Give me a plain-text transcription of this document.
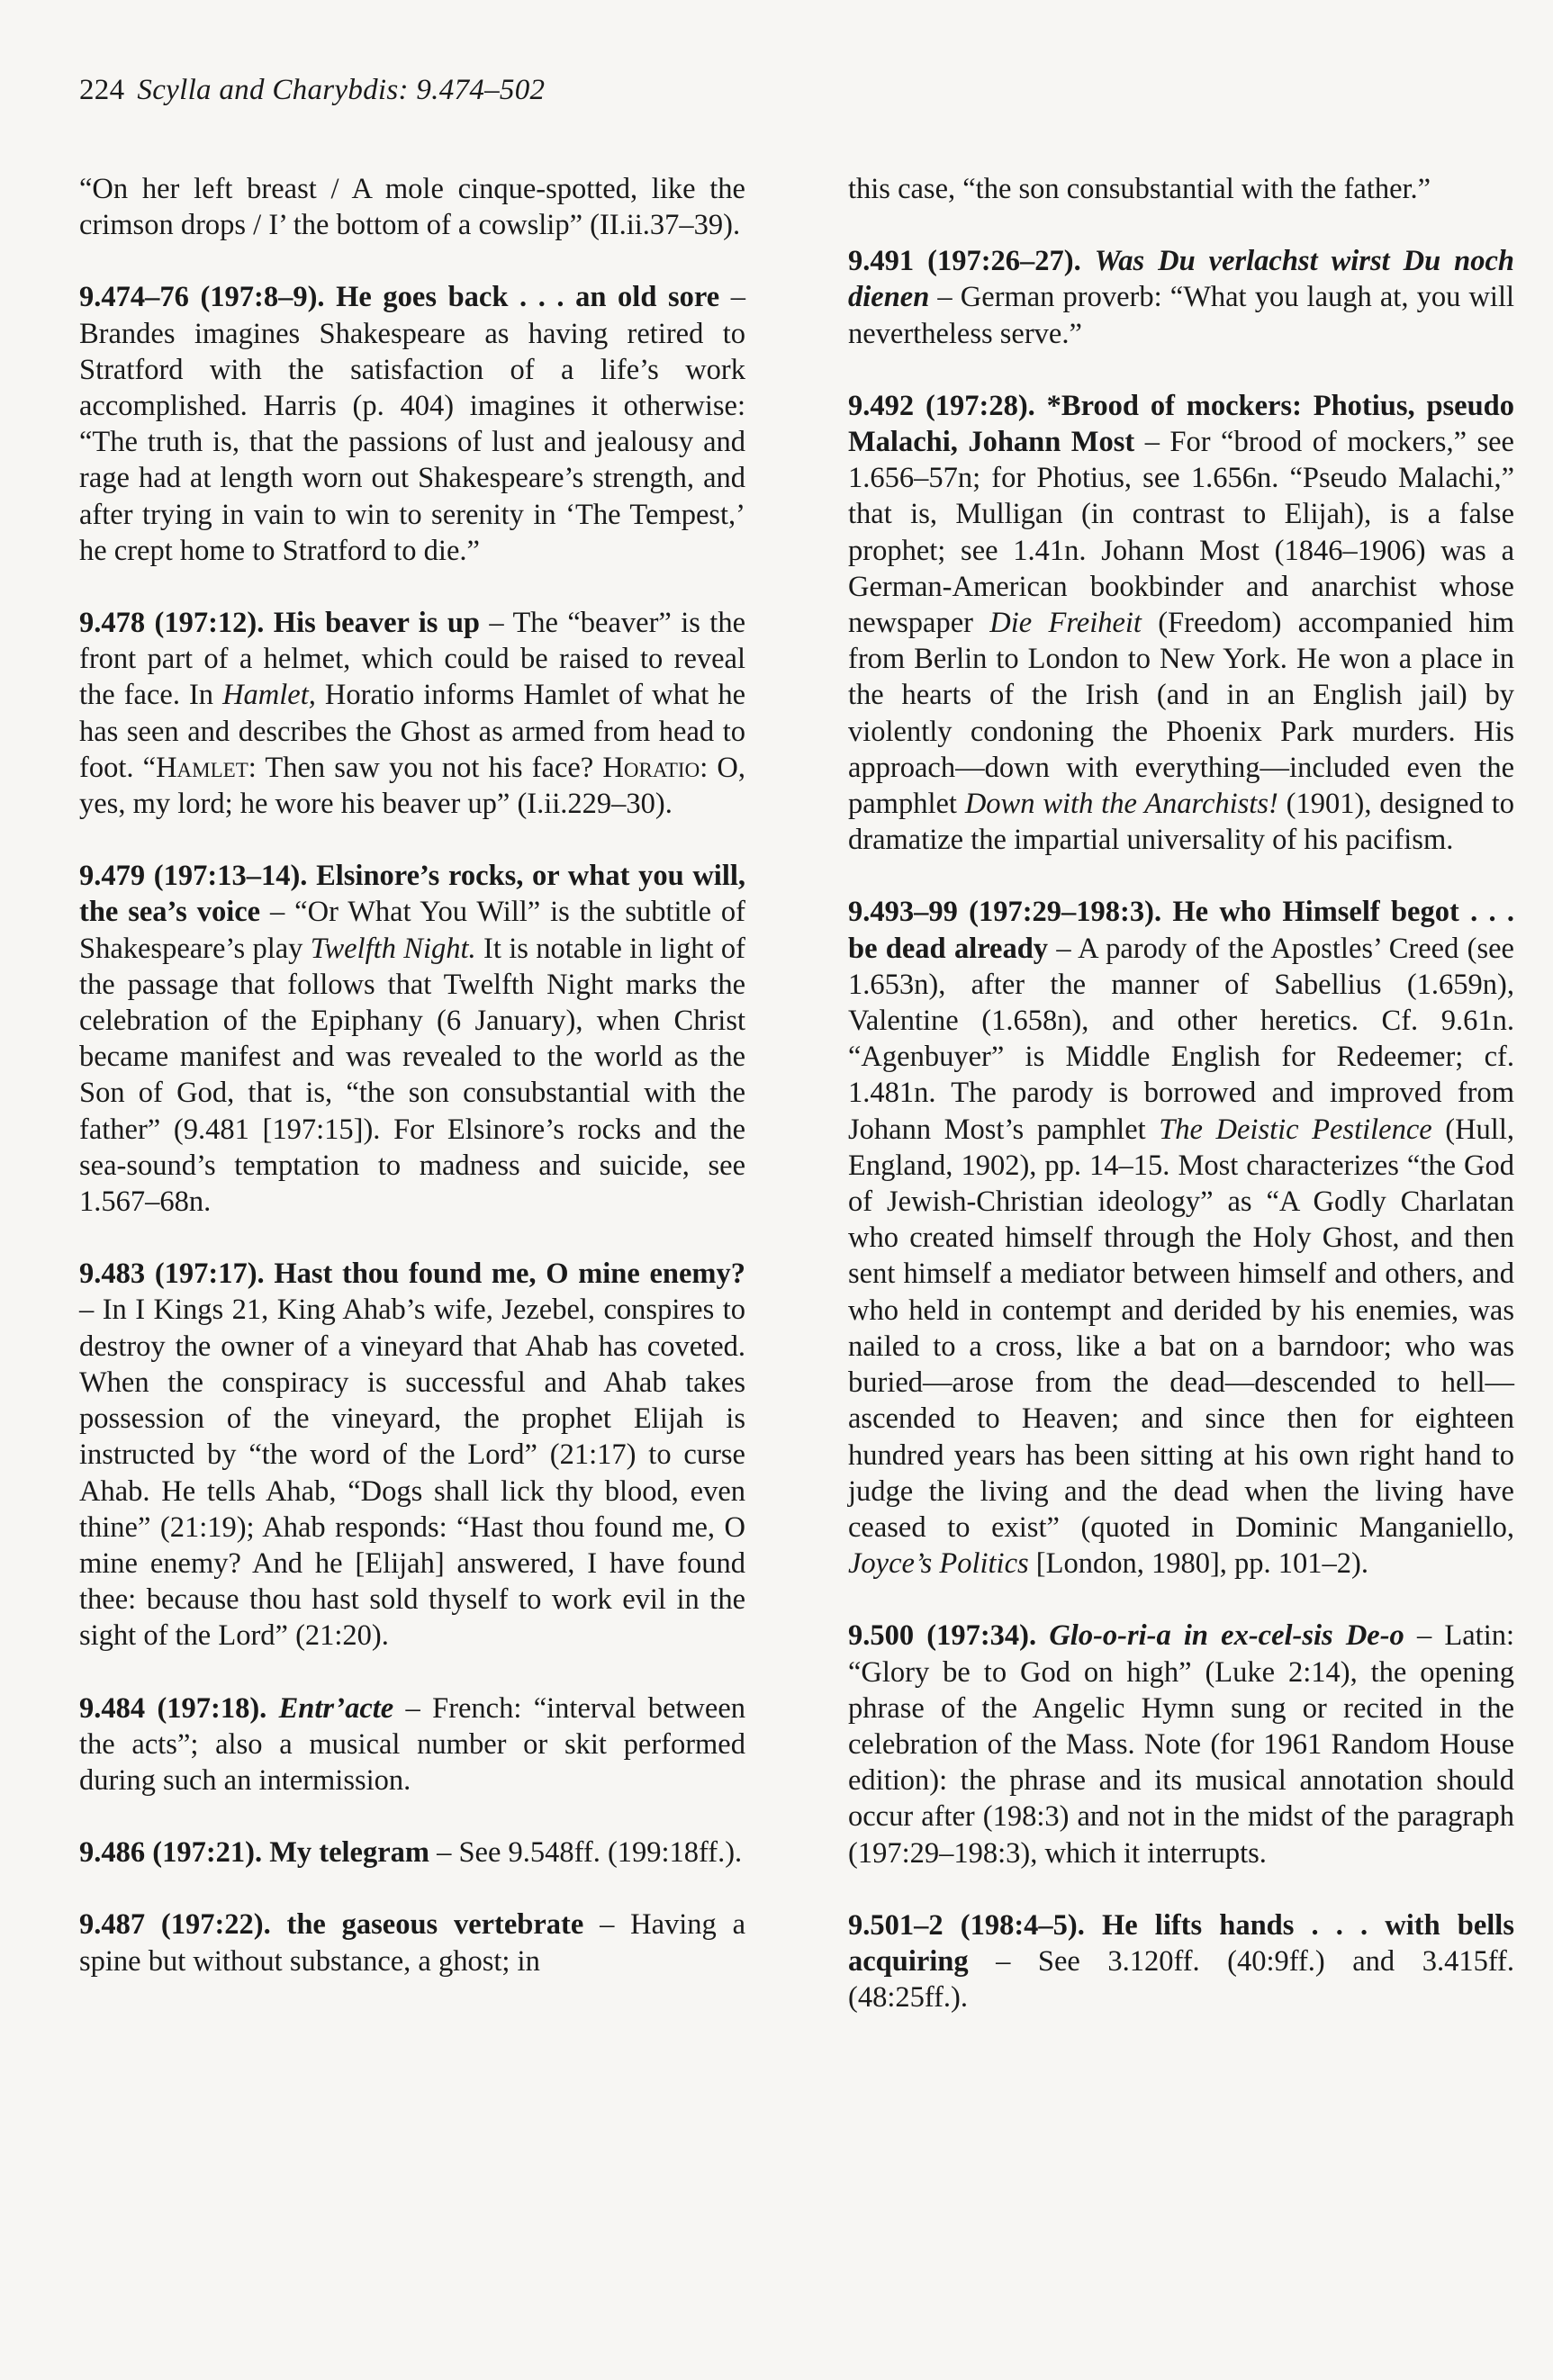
224 Scylla and Charybdis: 9.474–502

“On her left breast / A mole cinque-spotted, like the crimson drops / I’ the bottom of a cowslip” (II.ii.37–39).

9.474–76 (197:8–9). He goes back . . . an old sore – Brandes imagines Shakespeare as having retired to Stratford with the satisfaction of a life’s work accomplished. Harris (p. 404) imagines it otherwise: “The truth is, that the passions of lust and jealousy and rage had at length worn out Shakespeare’s strength, and after trying in vain to win to serenity in ‘The Tempest,’ he crept home to Stratford to die.”

9.478 (197:12). His beaver is up – The “beaver” is the front part of a helmet, which could be raised to reveal the face. In Hamlet, Horatio informs Hamlet of what he has seen and describes the Ghost as armed from head to foot. “Hamlet: Then saw you not his face? Horatio: O, yes, my lord; he wore his beaver up” (I.ii.229–30).

9.479 (197:13–14). Elsinore’s rocks, or what you will, the sea’s voice – “Or What You Will” is the subtitle of Shakespeare’s play Twelfth Night. It is notable in light of the passage that follows that Twelfth Night marks the celebration of the Epiphany (6 January), when Christ became manifest and was revealed to the world as the Son of God, that is, “the son consubstantial with the father” (9.481 [197:15]). For Elsinore’s rocks and the sea-sound’s temptation to madness and suicide, see 1.567–68n.

9.483 (197:17). Hast thou found me, O mine enemy? – In I Kings 21, King Ahab’s wife, Jezebel, conspires to destroy the owner of a vineyard that Ahab has coveted. When the conspiracy is successful and Ahab takes possession of the vineyard, the prophet Elijah is instructed by “the word of the Lord” (21:17) to curse Ahab. He tells Ahab, “Dogs shall lick thy blood, even thine” (21:19); Ahab responds: “Hast thou found me, O mine enemy? And he [Elijah] answered, I have found thee: because thou hast sold thyself to work evil in the sight of the Lord” (21:20).

9.484 (197:18). Entr’acte – French: “interval between the acts”; also a musical number or skit performed during such an intermission.

9.486 (197:21). My telegram – See 9.548ff. (199:18ff.).

9.487 (197:22). the gaseous vertebrate – Having a spine but without substance, a ghost; in

this case, “the son consubstantial with the father.”

9.491 (197:26–27). Was Du verlachst wirst Du noch dienen – German proverb: “What you laugh at, you will nevertheless serve.”

9.492 (197:28). *Brood of mockers: Photius, pseudo Malachi, Johann Most – For “brood of mockers,” see 1.656–57n; for Photius, see 1.656n. “Pseudo Malachi,” that is, Mulligan (in contrast to Elijah), is a false prophet; see 1.41n. Johann Most (1846–1906) was a German-American bookbinder and anarchist whose newspaper Die Freiheit (Freedom) accompanied him from Berlin to London to New York. He won a place in the hearts of the Irish (and in an English jail) by violently condoning the Phoenix Park murders. His approach—down with everything—included even the pamphlet Down with the Anarchists! (1901), designed to dramatize the impartial universality of his pacifism.

9.493–99 (197:29–198:3). He who Himself begot . . . be dead already – A parody of the Apostles’ Creed (see 1.653n), after the manner of Sabellius (1.659n), Valentine (1.658n), and other heretics. Cf. 9.61n. “Agenbuyer” is Middle English for Redeemer; cf. 1.481n. The parody is borrowed and improved from Johann Most’s pamphlet The Deistic Pestilence (Hull, England, 1902), pp. 14–15. Most characterizes “the God of Jewish-Christian ideology” as “A Godly Charlatan who created himself through the Holy Ghost, and then sent himself a mediator between himself and others, and who held in contempt and derided by his enemies, was nailed to a cross, like a bat on a barndoor; who was buried—arose from the dead—descended to hell—ascended to Heaven; and since then for eighteen hundred years has been sitting at his own right hand to judge the living and the dead when the living have ceased to exist” (quoted in Dominic Manganiello, Joyce’s Politics [London, 1980], pp. 101–2).

9.500 (197:34). Glo-o-ri-a in ex-cel-sis De-o – Latin: “Glory be to God on high” (Luke 2:14), the opening phrase of the Angelic Hymn sung or recited in the celebration of the Mass. Note (for 1961 Random House edition): the phrase and its musical annotation should occur after (198:3) and not in the midst of the paragraph (197:29–198:3), which it interrupts.

9.501–2 (198:4–5). He lifts hands . . . with bells acquiring – See 3.120ff. (40:9ff.) and 3.415ff. (48:25ff.).
